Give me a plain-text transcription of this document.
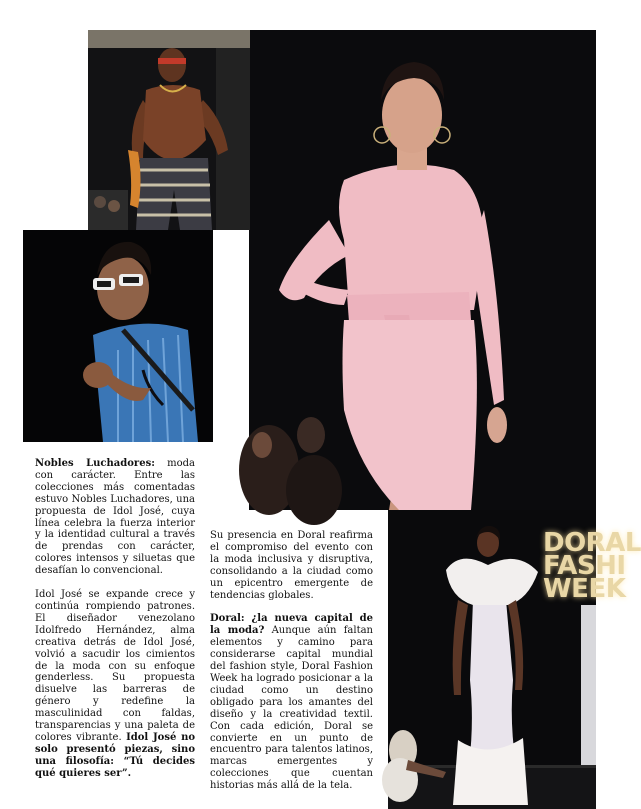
DORAL
FASHI
WEEK

Nobles Luchadores: moda con carácter. Entre las colecciones más comentadas estuvo Nobles Luchadores, una propuesta de Idol José, cuya línea celebra la fuerza interior y la identidad cultural a través de prendas con carácter, colores intensos y siluetas que desafían lo convencional.

Idol José se expande crece y continúa rompiendo patrones. El diseñador venezolano Idolfredo Hernández, alma creativa detrás de Idol José, volvió a sacudir los cimientos de la moda con su enfoque genderless. Su propuesta disuelve las barreras de género y redefine la masculinidad con faldas, transparencias y una paleta de colores vibrante. Idol José no solo presentó piezas, sino una filosofía: “Tú decides qué quieres ser”.

Su presencia en Doral reafirma el compromiso del evento con la moda inclusiva y disruptiva, consolidando a la ciudad como un epicentro emergente de tendencias globales.

Doral: ¿la nueva capital de la moda? Aunque aún faltan elementos y camino para considerarse capital mundial del fashion style, Doral Fashion Week ha logrado posicionar a la ciudad como un destino obligado para los amantes del diseño y la creatividad textil. Con cada edición, Doral se convierte en un punto de encuentro para talentos latinos, marcas emergentes y colecciones que cuentan historias más allá de la tela.
